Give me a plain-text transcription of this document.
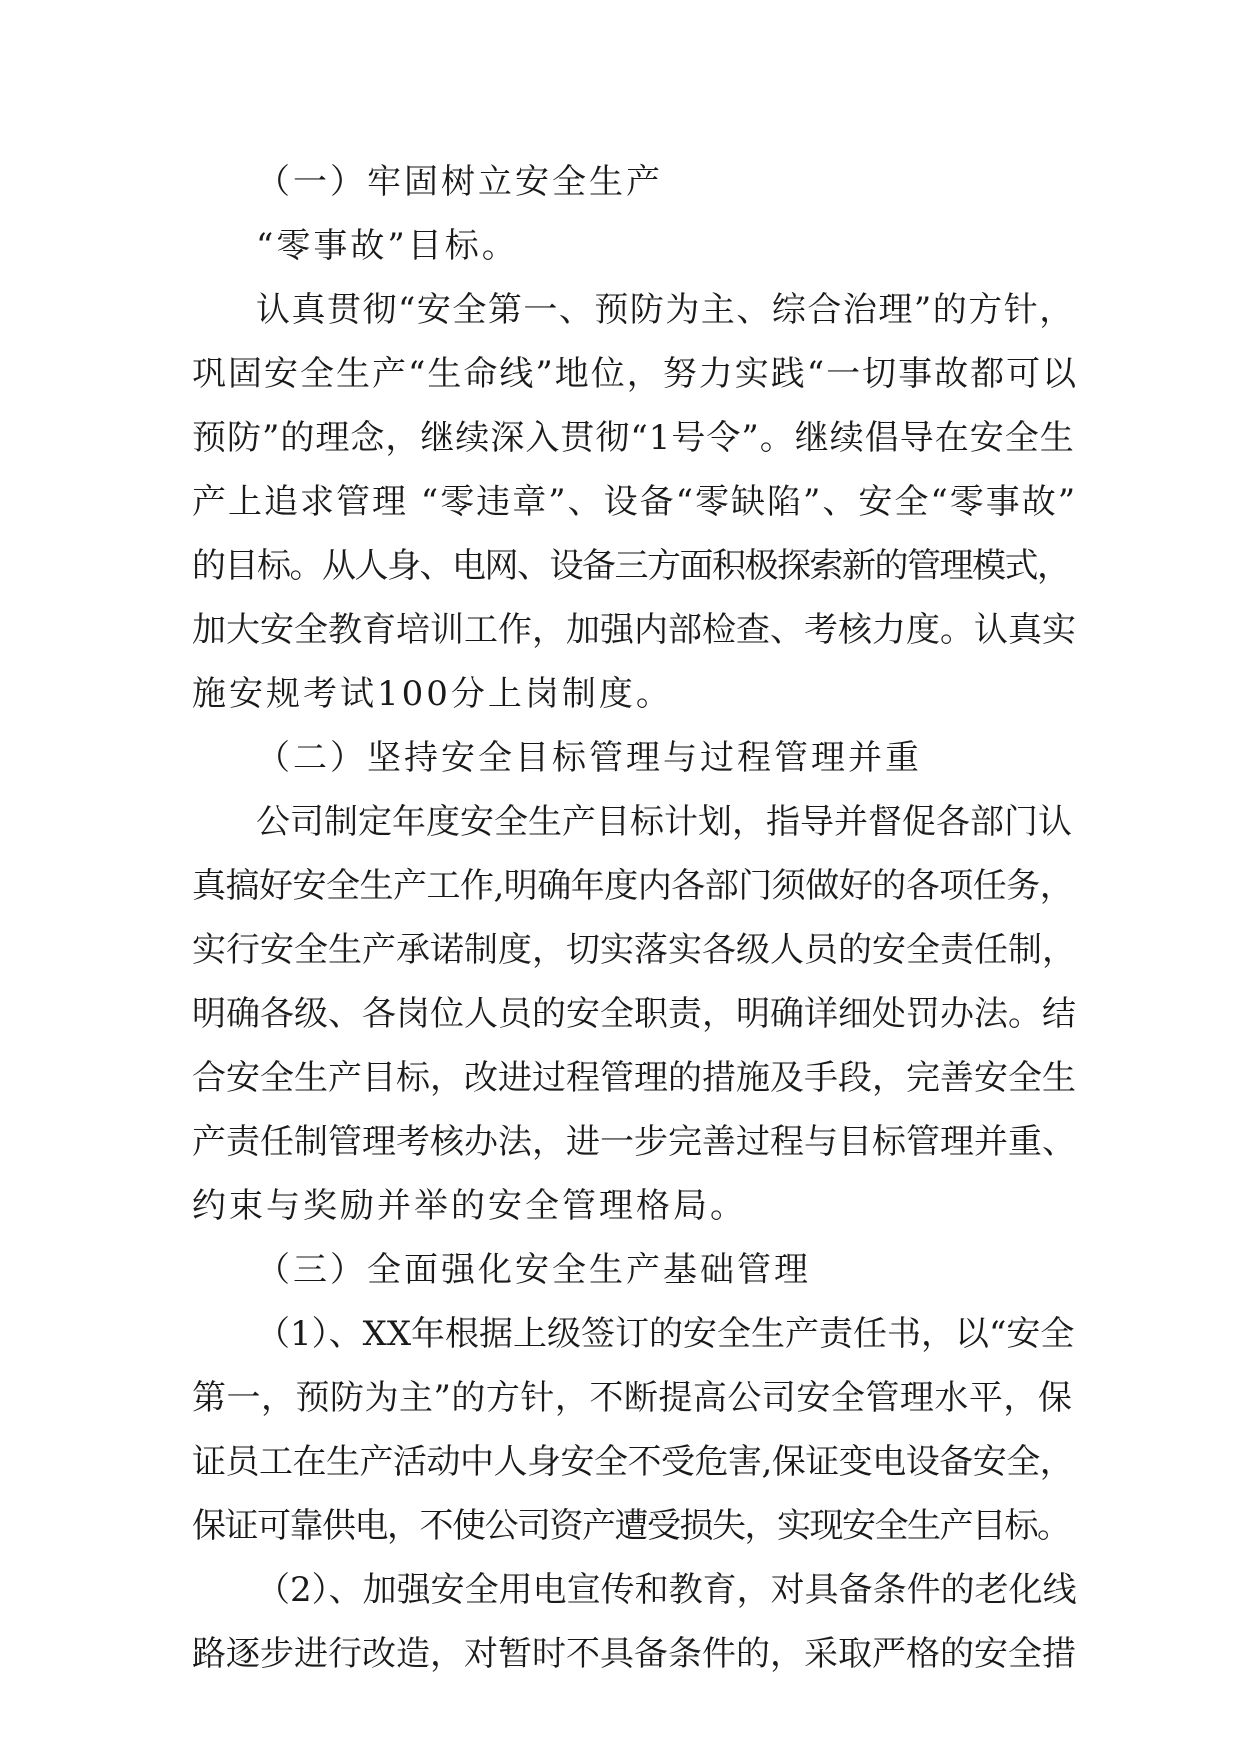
（一）牢固树立安全生产
“零事故”目标。
认真贯彻“安全第一、预防为主、综合治理”的方针，
巩固安全生产“生命线”地位，努力实践“一切事故都可以
预防”的理念，继续深入贯彻“1号令”。继续倡导在安全生
产上追求管理 “零违章”、设备“零缺陷”、安全“零事故”
的目标。从人身、电网、设备三方面积极探索新的管理模式，
加大安全教育培训工作，加强内部检查、考核力度。认真实
施安规考试100分上岗制度。
（二）坚持安全目标管理与过程管理并重
公司制定年度安全生产目标计划，指导并督促各部门认
真搞好安全生产工作,明确年度内各部门须做好的各项任务，
实行安全生产承诺制度，切实落实各级人员的安全责任制，
明确各级、各岗位人员的安全职责，明确详细处罚办法。结
合安全生产目标，改进过程管理的措施及手段，完善安全生
产责任制管理考核办法，进一步完善过程与目标管理并重、
约束与奖励并举的安全管理格局。
（三）全面强化安全生产基础管理
（1）、XX年根据上级签订的安全生产责任书，以“安全
第一，预防为主”的方针，不断提高公司安全管理水平，保
证员工在生产活动中人身安全不受危害,保证变电设备安全，
保证可靠供电，不使公司资产遭受损失，实现安全生产目标。
（2）、加强安全用电宣传和教育，对具备条件的老化线
路逐步进行改造，对暂时不具备条件的，采取严格的安全措
